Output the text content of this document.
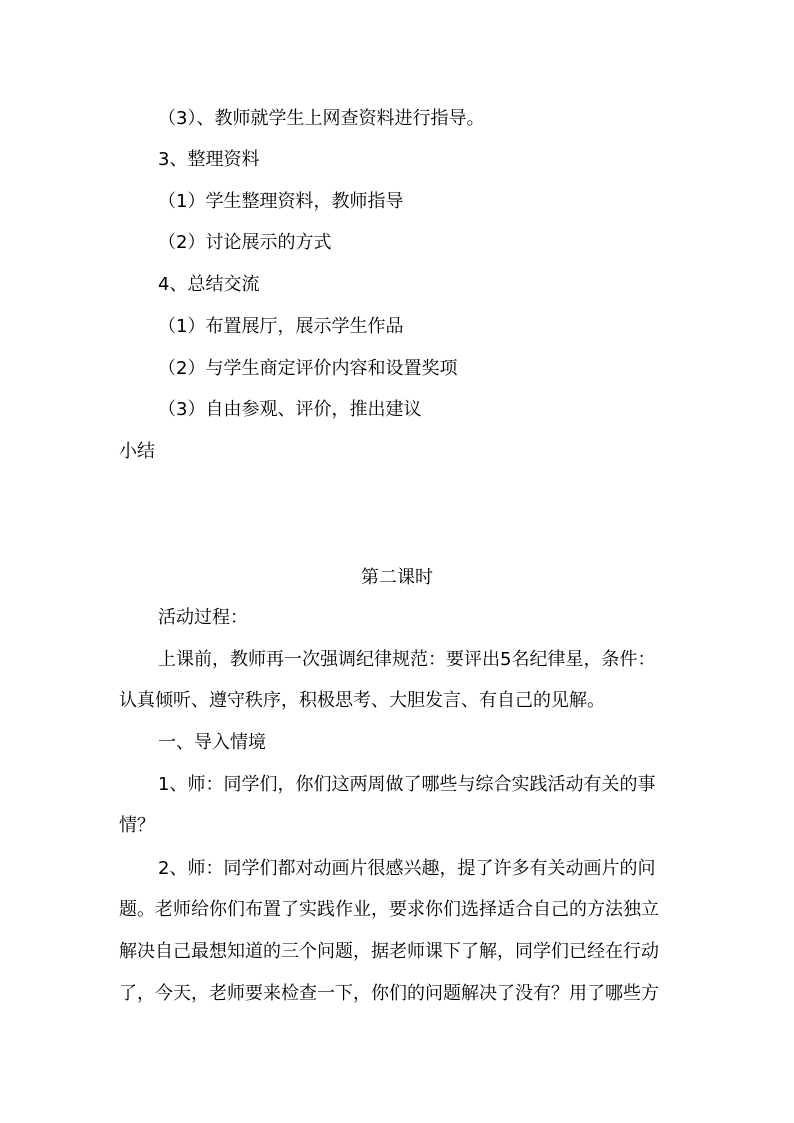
（3）、教师就学生上网查资料进行指导。
3、整理资料
（1）学生整理资料，教师指导
（2）讨论展示的方式
4、总结交流
（1）布置展厅，展示学生作品
（2）与学生商定评价内容和设置奖项
（3）自由参观、评价，推出建议
小结
第二课时
活动过程：
上课前，教师再一次强调纪律规范：要评出5名纪律星，条件：
认真倾听、遵守秩序，积极思考、大胆发言、有自己的见解。
一、导入情境
1、师：同学们，你们这两周做了哪些与综合实践活动有关的事
情？
2、师：同学们都对动画片很感兴趣，提了许多有关动画片的问
题。老师给你们布置了实践作业，要求你们选择适合自己的方法独立
解决自己最想知道的三个问题，据老师课下了解，同学们已经在行动
了，今天，老师要来检查一下，你们的问题解决了没有？用了哪些方
